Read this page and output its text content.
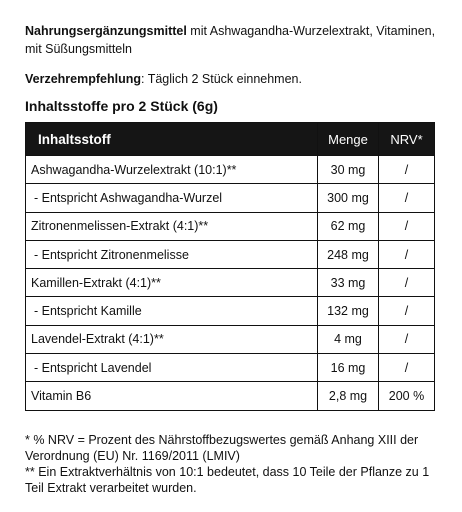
Nahrungsergänzungsmittel mit Ashwagandha-Wurzelextrakt, Vitaminen, mit Süßungsmitteln

Verzehrempfehlung: Täglich 2 Stück einnehmen.

Inhaltsstoffe pro 2 Stück (6g)
Inhaltsstoff	Menge	NRV*
Ashwagandha-Wurzelextrakt (10:1)**	30 mg	/
- Entspricht Ashwagandha-Wurzel	300 mg	/
Zitronenmelissen-Extrakt (4:1)**	62 mg	/
- Entspricht Zitronenmelisse	248 mg	/
Kamillen-Extrakt (4:1)**	33 mg	/
- Entspricht Kamille	132 mg	/
Lavendel-Extrakt (4:1)**	4 mg	/
- Entspricht Lavendel	16 mg	/
Vitamin B6	2,8 mg	200 %

* % NRV = Prozent des Nährstoffbezugswertes gemäß Anhang XIII der Verordnung (EU) Nr. 1169/2011 (LMIV)

** Ein Extraktverhältnis von 10:1 bedeutet, dass 10 Teile der Pflanze zu 1 Teil Extrakt verarbeitet wurden.
